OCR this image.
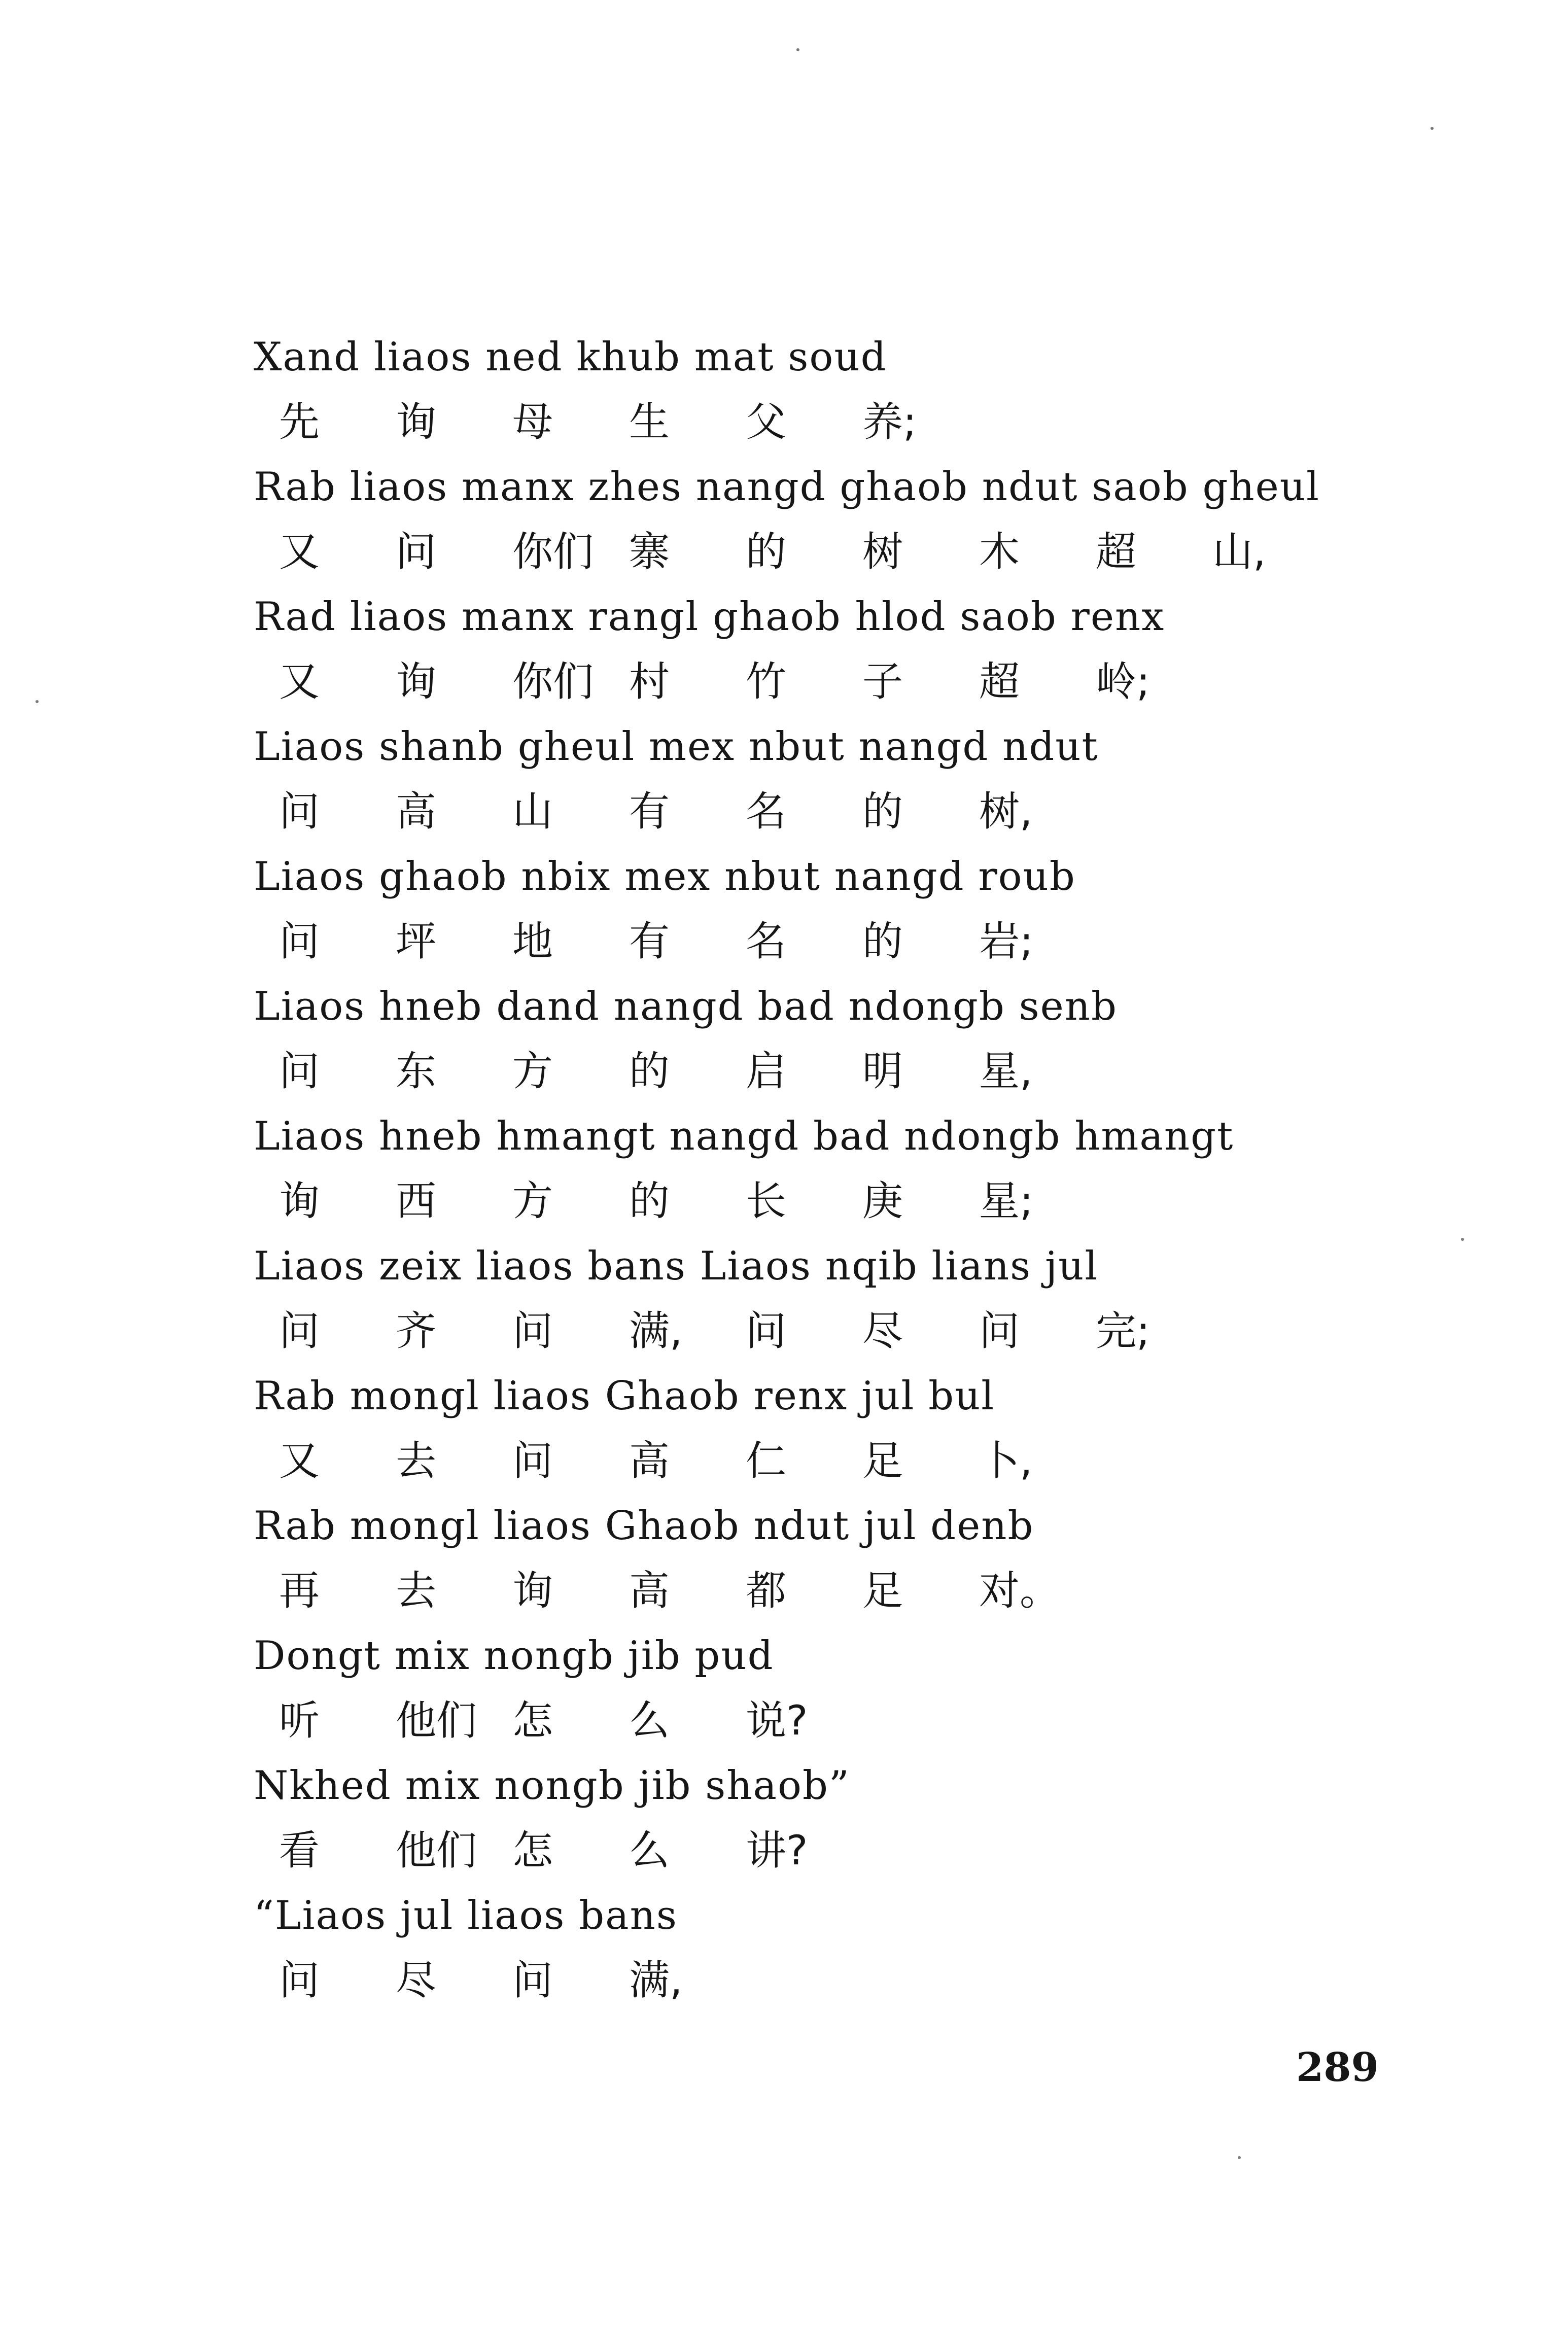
Xand liaos ned khub mat soud
先	询	母	生	父	养;
Rab liaos manx zhes nangd ghaob ndut saob gheul
又	问	你们 寨	的	树	木	超	山,
Rad liaos manx rangl ghaob hlod saob renx
又	询	你们 村	竹	子	超	岭;
Liaos shanb gheul mex nbut nangd ndut
问	高	山	有	名	的	树,
Liaos ghaob nbix mex nbut nangd roub
问	坪	地	有	名	的	岩;
Liaos hneb dand nangd bad ndongb senb
问	东	方	的	启	明	星,
Liaos hneb hmangt nangd bad ndongb hmangt
询	西	方	的	长	庚	星;
Liaos zeix liaos bans Liaos nqib lians jul
问	齐	问	满,	问	尽	问	完;
Rab mongl liaos Ghaob renx jul bul
又	去	问	高	仁	足	卜,
Rab mongl liaos Ghaob ndut jul denb
再	去	询	高	都	足	对。
Dongt mix nongb jib pud
听	他们 怎	么	说?
Nkhed mix nongb jib shaob”
看	他们 怎	么	讲?
“Liaos jul liaos bans
问	尽	问	满,
289
